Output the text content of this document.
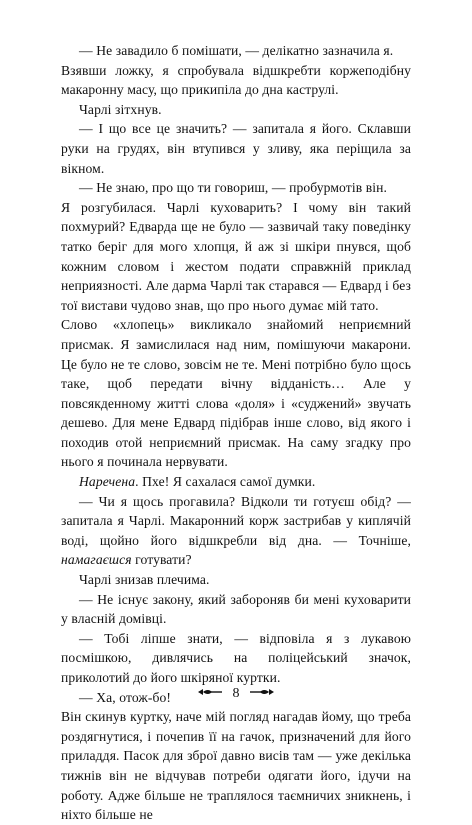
— Не завадило б помішати, — делікатно зазначила я.

Взявши ложку, я спробувала відшкребти коржеподібну макаронну масу, що прикипіла до дна каструлі.

Чарлі зітхнув.

— І що все це значить? — запитала я його. Склавши руки на грудях, він втупився у зливу, яка періщила за вікном.

— Не знаю, про що ти говориш, — пробурмотів він.

Я розгубилася. Чарлі куховарить? І чому він такий похмурий? Едварда ще не було — зазвичай таку поведінку татко беріг для мого хлопця, й аж зі шкіри пнувся, щоб кожним словом і жестом подати справжній приклад неприязності. Але дарма Чарлі так старався — Едвард і без тої вистави чудово знав, що про нього думає мій тато.

Слово «хлопець» викликало знайомий неприємний присмак. Я замислилася над ним, помішуючи макарони. Це було не те слово, зовсім не те. Мені потрібно було щось таке, щоб передати вічну відданість… Але у повсякденному житті слова «доля» і «суджений» звучать дешево. Для мене Едвард підібрав інше слово, від якого і походив отой неприємний присмак. На саму згадку про нього я починала нервувати.

Наречена. Пхе! Я сахалася самої думки.

— Чи я щось прогавила? Відколи ти готуєш обід? — запитала я Чарлі. Макаронний корж застрибав у киплячій воді, щойно його відшкребли від дна. — Точніше, намагаєшся готувати?

Чарлі знизав плечима.

— Не існує закону, який забороняв би мені куховарити у власній домівці.

— Тобі ліпше знати, — відповіла я з лукавою посмішкою, дивлячись на поліцейський значок, приколотий до його шкіряної куртки.

— Ха, отож-бо!

Він скинув куртку, наче мій погляд нагадав йому, що треба роздягнутися, і почепив її на гачок, призначений для його приладдя. Пасок для зброї давно висів там — уже декілька тижнів він не відчував потреби одягати його, ідучи на роботу. Адже більше не траплялося таємничих зникнень, і ніхто більше не

8
